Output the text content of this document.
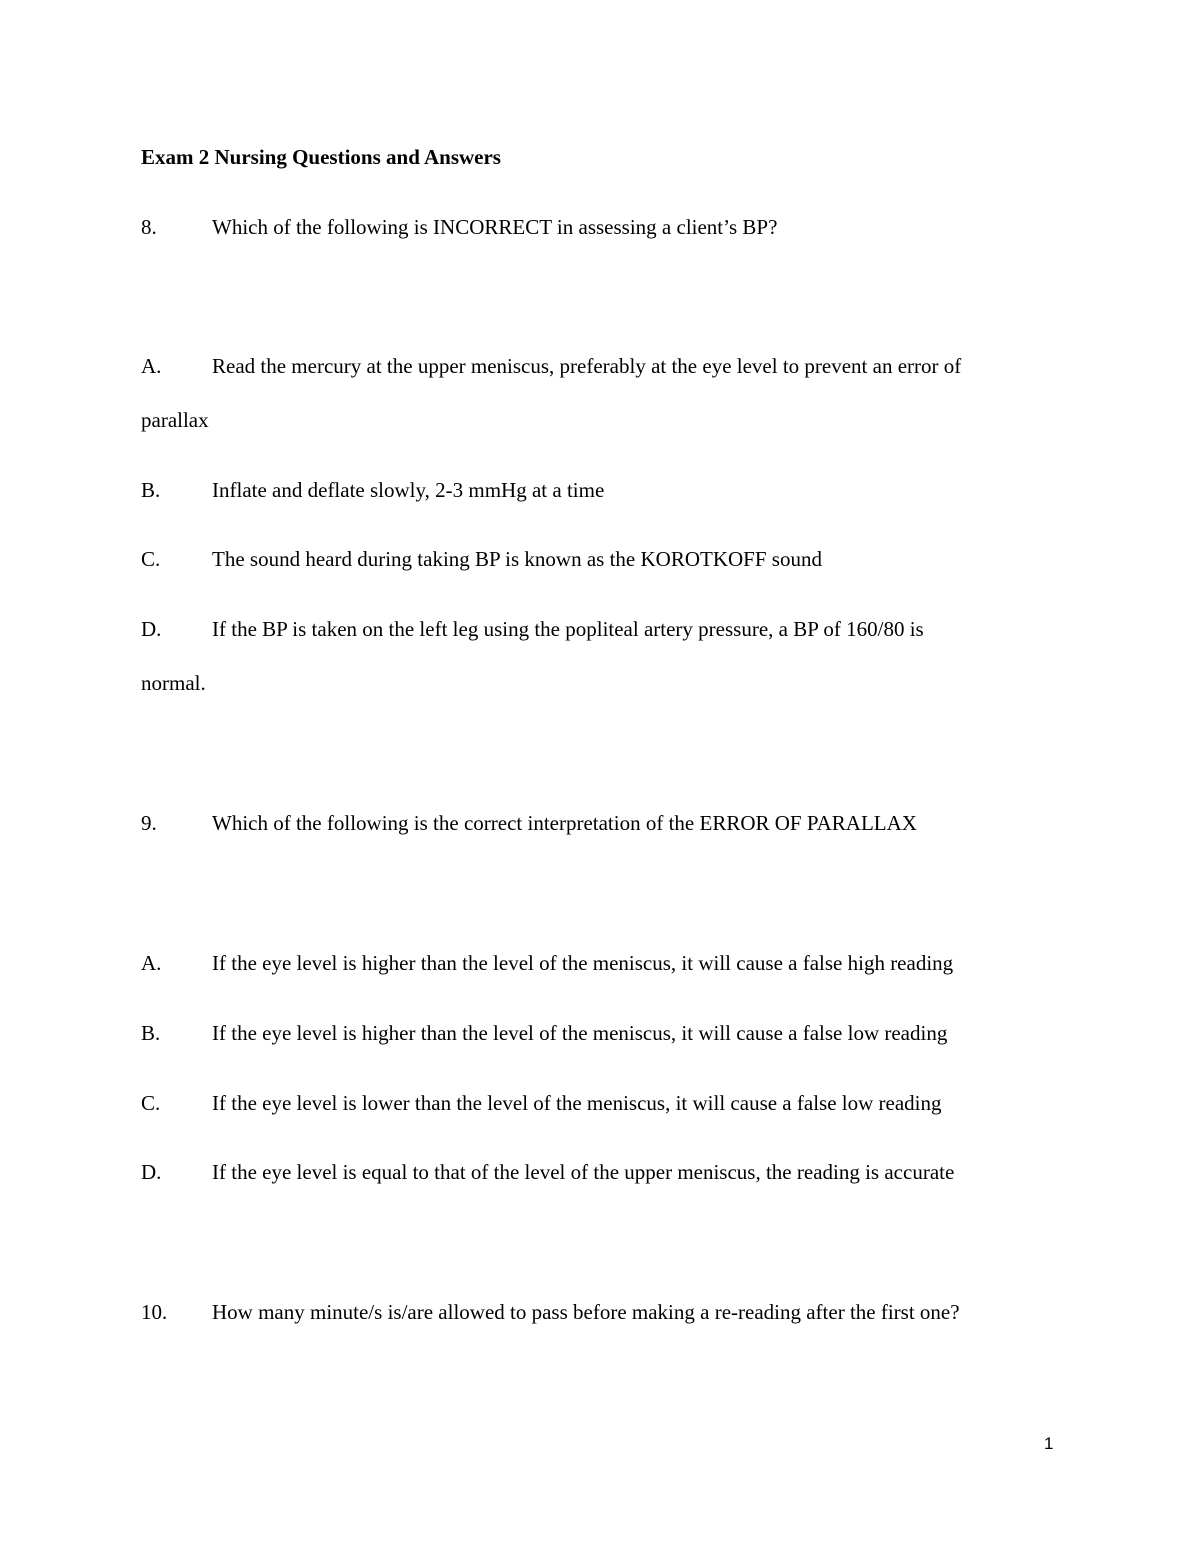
Exam 2 Nursing Questions and Answers
8.	Which of the following is INCORRECT in assessing a client’s BP?
A. Read the mercury at the upper meniscus, preferably at the eye level to prevent an error of
parallax
B. Inflate and deflate slowly, 2-3 mmHg at a time
C. The sound heard during taking BP is known as the KOROTKOFF sound
D. If the BP is taken on the left leg using the popliteal artery pressure, a BP of 160/80 is
normal.
9.	Which of the following is the correct interpretation of the ERROR OF PARALLAX
A. If the eye level is higher than the level of the meniscus, it will cause a false high reading
B. If the eye level is higher than the level of the meniscus, it will cause a false low reading
C. If the eye level is lower than the level of the meniscus, it will cause a false low reading
D. If the eye level is equal to that of the level of the upper meniscus, the reading is accurate
10. How many minute/s is/are allowed to pass before making a re-reading after the first one?
1
